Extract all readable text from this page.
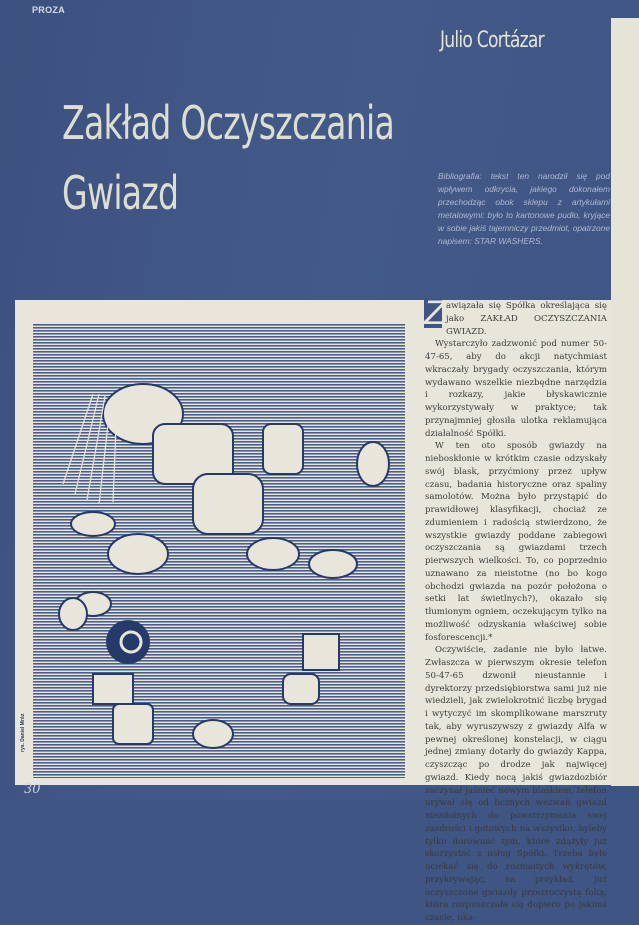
PROZA
Julio Cortázar
Zakład Oczyszczania
Gwiazd	Bibliografia: tekst ten narodził się pod wpływem odkrycia, jakiego dokonałem przechodząc obok sklepu z artykułami metalowymi: było to kartonowe pudło, kryjące w sobie jakiś tajemniczy przedmiot, opatrzone napisem: STAR WASHERS.
rys. Daniel Mróz

Z awiązała się Spółka określająca się jako ZAKŁAD OCZYSZCZANIA GWIAZD.

Wystarczyło zadzwonić pod numer 50-47-65, aby do akcji natychmiast wkraczały brygady oczyszczania, którym wydawano wszelkie niezbędne narzędzia i rozkazy, jakie błyskawicznie wykorzystywały w praktyce; tak przynajmniej głosiła ulotka reklamująca działalność Spółki.

W ten oto sposób gwiazdy na nieboskłonie w krótkim czasie odzyskały swój blask, przyćmiony przez upływ czasu, badania historyczne oraz spaliny samolotów. Można było przystąpić do prawidłowej klasyfikacji, chociaż ze zdumieniem i radością stwierdzono, że wszystkie gwiazdy poddane zabiegowi oczyszczania są gwiazdami trzech pierwszych wielkości. To, co poprzednio uznawano za nieistotne (no bo kogo obchodzi gwiazda na pozór położona o setki lat świetlnych?), okazało się tłumionym ogniem, oczekującym tylko na możliwość odzyskania właściwej sobie fosforescencji.*

Oczywiście, zadanie nie było łatwe. Zwłaszcza w pierwszym okresie telefon 50-47-65 dzwonił nieustannie i dyrektorzy przedsiębiorstwa sami już nie wiedzieli, jak zwielokrotnić liczbę brygad i wytyczyć im skomplikowane marszruty tak, aby wyruszywszy z gwiazdy Alfa w pewnej określonej konstelacji, w ciągu jednej zmiany dotarły do gwiazdy Kappa, czyszcząc po drodze jak najwięcej gwiazd. Kiedy nocą jakiś gwiazdozbiór zaczynał jaśnieć nowym blaskiem, telefon urywał się od licznych wezwań gwiazd niezdolnych do powstrzymania swej zazdrości i gotowych na wszystko, byleby tylko dorównać tym, które zdążyły już skorzystać z usług Spółki. Trzeba było uciekać się do rozmaitych wykrętów, przykrywając, na przykład, już oczyszczone gwiazdy przezroczystą folią, która rozpuszczała się dopiero po jakimś czasie, uka-

30
